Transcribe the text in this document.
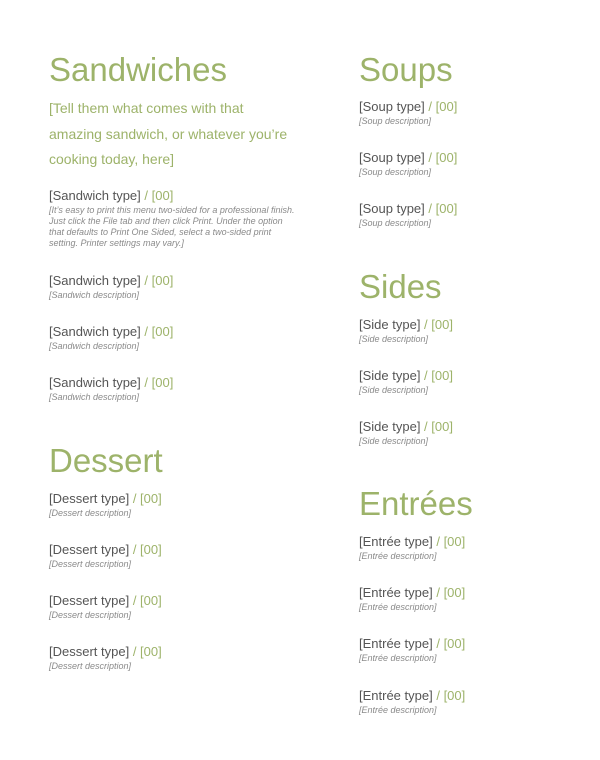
Sandwiches

[Tell them what comes with that amazing sandwich, or whatever you’re cooking today, here]

[Sandwich type] / [00]
[It’s easy to print this menu two-sided for a professional finish. Just click the File tab and then click Print. Under the option that defaults to Print One Sided, select a two-sided print setting. Printer settings may vary.]
[Sandwich type] / [00]
[Sandwich description]
[Sandwich type] / [00]
[Sandwich description]
[Sandwich type] / [00]
[Sandwich description]
Dessert
[Dessert type] / [00]
[Dessert description]
[Dessert type] / [00]
[Dessert description]
[Dessert type] / [00]
[Dessert description]
[Dessert type] / [00]
[Dessert description]
Soups
[Soup type] / [00]
[Soup description]
[Soup type] / [00]
[Soup description]
[Soup type] / [00]
[Soup description]
Sides
[Side type] / [00]
[Side description]
[Side type] / [00]
[Side description]
[Side type] / [00]
[Side description]
Entrées
[Entrée type] / [00]
[Entrée description]
[Entrée type] / [00]
[Entrée description]
[Entrée type] / [00]
[Entrée description]
[Entrée type] / [00]
[Entrée description]
